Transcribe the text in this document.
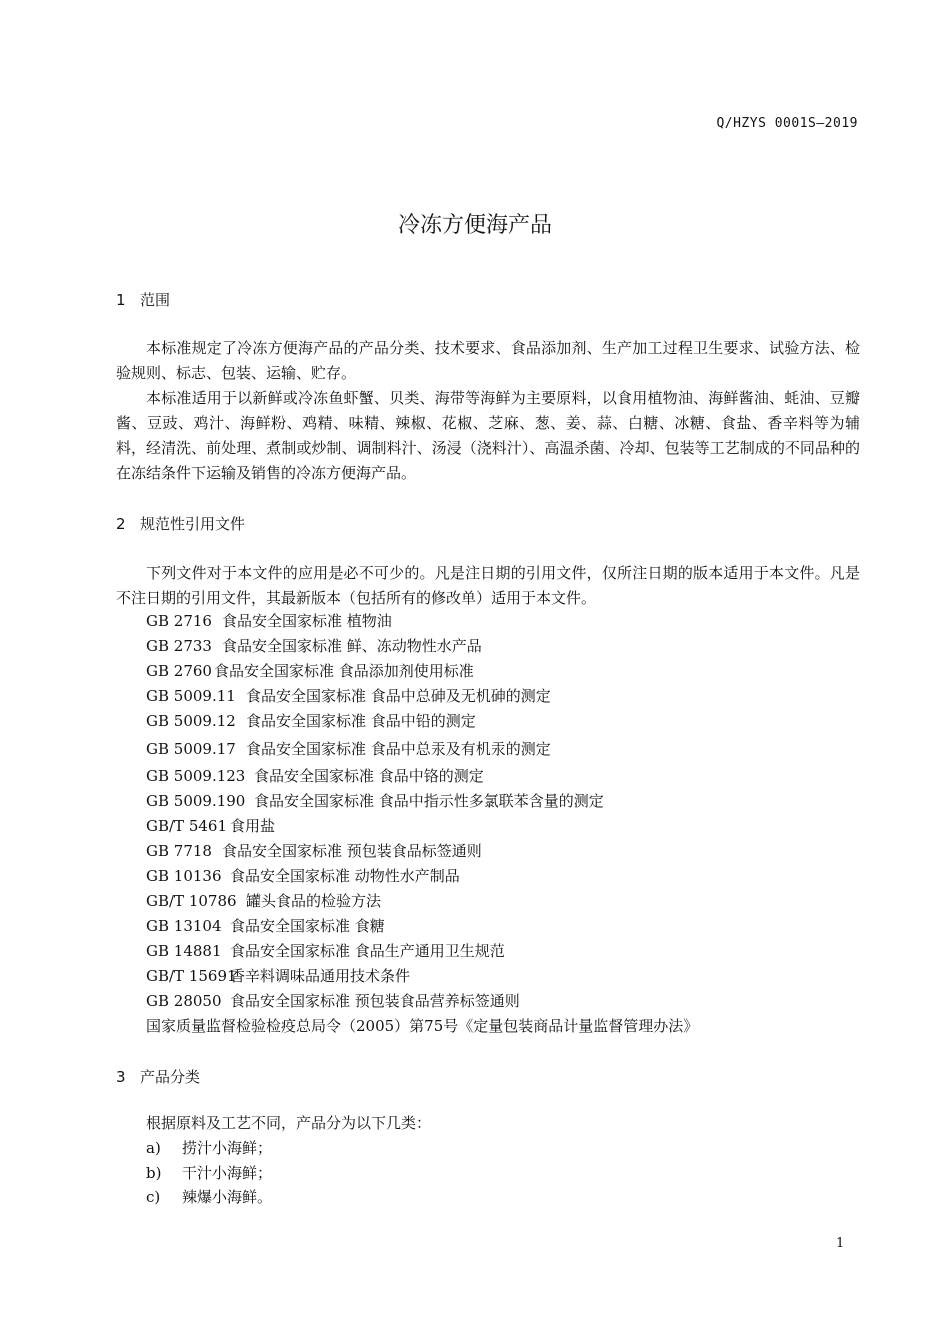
Q/HZYS 0001S—2019
冷冻方便海产品
1 范围
本标准规定了冷冻方便海产品的产品分类、技术要求、食品添加剂、生产加工过程卫生要求、试验方法、检验规则、标志、包装、运输、贮存。
本标准适用于以新鲜或冷冻鱼虾蟹、贝类、海带等海鲜为主要原料，以食用植物油、海鲜酱油、蚝油、豆瓣酱、豆豉、鸡汁、海鲜粉、鸡精、味精、辣椒、花椒、芝麻、葱、姜、蒜、白糖、冰糖、食盐、香辛料等为辅料，经清洗、前处理、煮制或炒制、调制料汁、汤浸（浇料汁）、高温杀菌、冷却、包装等工艺制成的不同品种的在冻结条件下运输及销售的冷冻方便海产品。
2 规范性引用文件
下列文件对于本文件的应用是必不可少的。凡是注日期的引用文件，仅所注日期的版本适用于本文件。凡是不注日期的引用文件，其最新版本（包括所有的修改单）适用于本文件。
GB 2716 食品安全国家标准 植物油
GB 2733 食品安全国家标准 鲜、冻动物性水产品
GB 2760 食品安全国家标准 食品添加剂使用标准
GB 5009.11 食品安全国家标准 食品中总砷及无机砷的测定
GB 5009.12 食品安全国家标准 食品中铅的测定
GB 5009.17 食品安全国家标准 食品中总汞及有机汞的测定
GB 5009.123 食品安全国家标准 食品中铬的测定
GB 5009.190 食品安全国家标准 食品中指示性多氯联苯含量的测定
GB/T 5461 食用盐
GB 7718 食品安全国家标准 预包装食品标签通则
GB 10136 食品安全国家标准 动物性水产制品
GB/T 10786 罐头食品的检验方法
GB 13104 食品安全国家标准 食糖
GB 14881 食品安全国家标准 食品生产通用卫生规范
GB/T 15691香辛料调味品通用技术条件
GB 28050 食品安全国家标准 预包装食品营养标签通则
国家质量监督检验检疫总局令（2005）第75号《定量包装商品计量监督管理办法》
3 产品分类
根据原料及工艺不同，产品分为以下几类：
a) 捞汁小海鲜；
b) 干汁小海鲜；
c) 辣爆小海鲜。
1
